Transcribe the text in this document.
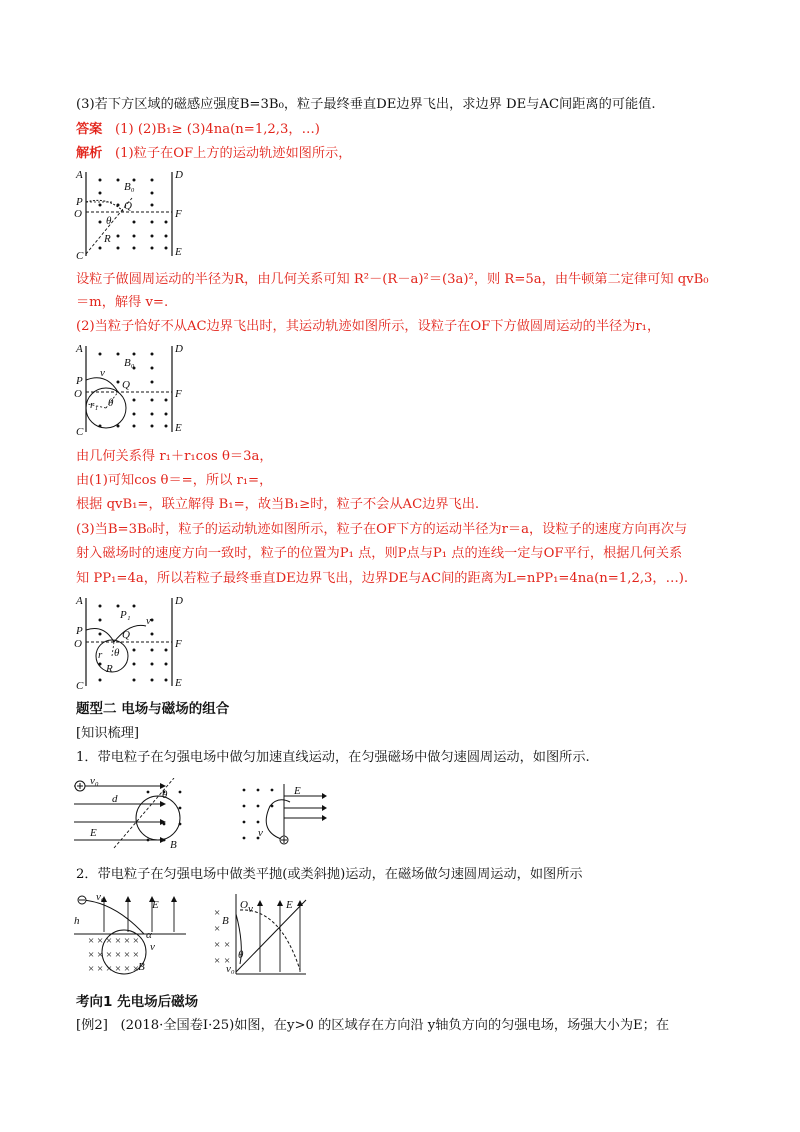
(3)若下方区域的磁感应强度B=3B₀，粒子最终垂直DE边界飞出，求边界 DE与AC间距离的可能值.
答案 (1) (2)B₁≥ (3)4na(n=1,2,3，…)
解析 (1)粒子在OF上方的运动轨迹如图所示，
A	D
P
O	F
C	E
B₀
Q
θ
R
设粒子做圆周运动的半径为R，由几何关系可知 R²－(R－a)²＝(3a)²，则 R=5a，由牛顿第二定律可知 qvB₀
＝m，解得 v=.
(2)当粒子恰好不从AC边界飞出时，其运动轨迹如图所示，设粒子在OF下方做圆周运动的半径为r₁，
A	D
P
O	F
C	E
B₀
v
Q
θ
r₁
由几何关系得 r₁＋r₁cos θ＝3a，
由(1)可知cos θ＝=，所以 r₁=，
根据 qvB₁=，联立解得 B₁=，故当B₁≥时，粒子不会从AC边界飞出.
(3)当B=3B₀时，粒子的运动轨迹如图所示，粒子在OF下方的运动半径为r＝a，设粒子的速度方向再次与
射入磁场时的速度方向一致时，粒子的位置为P₁ 点，则P点与P₁ 点的连线一定与OF平行，根据几何关系
知 PP₁=4a，所以若粒子最终垂直DE边界飞出，边界DE与AC间的距离为L=nPP₁=4na(n=1,2,3，…).
A	D
P
O	F
C	E
P₁ v
Q
r θ
R
题型二 电场与磁场的组合
[知识梳理]
1．带电粒子在匀强电场中做匀加速直线运动，在匀强磁场中做匀速圆周运动，如图所示.
v₀
d
E
θ
B
E
v
2．带电粒子在匀强电场中做类平抛(或类斜抛)运动，在磁场做匀速圆周运动，如图所示
× × × × × ×
× × × × × ×
× × × × × ×
v₀
E
h
α
v
B
×
×
×
×
×
×
B
O v	E
θ
v₀
考向1 先电场后磁场
[例2] (2018·全国卷Ⅰ·25)如图，在y>0 的区域存在方向沿 y轴负方向的匀强电场，场强大小为E；在
